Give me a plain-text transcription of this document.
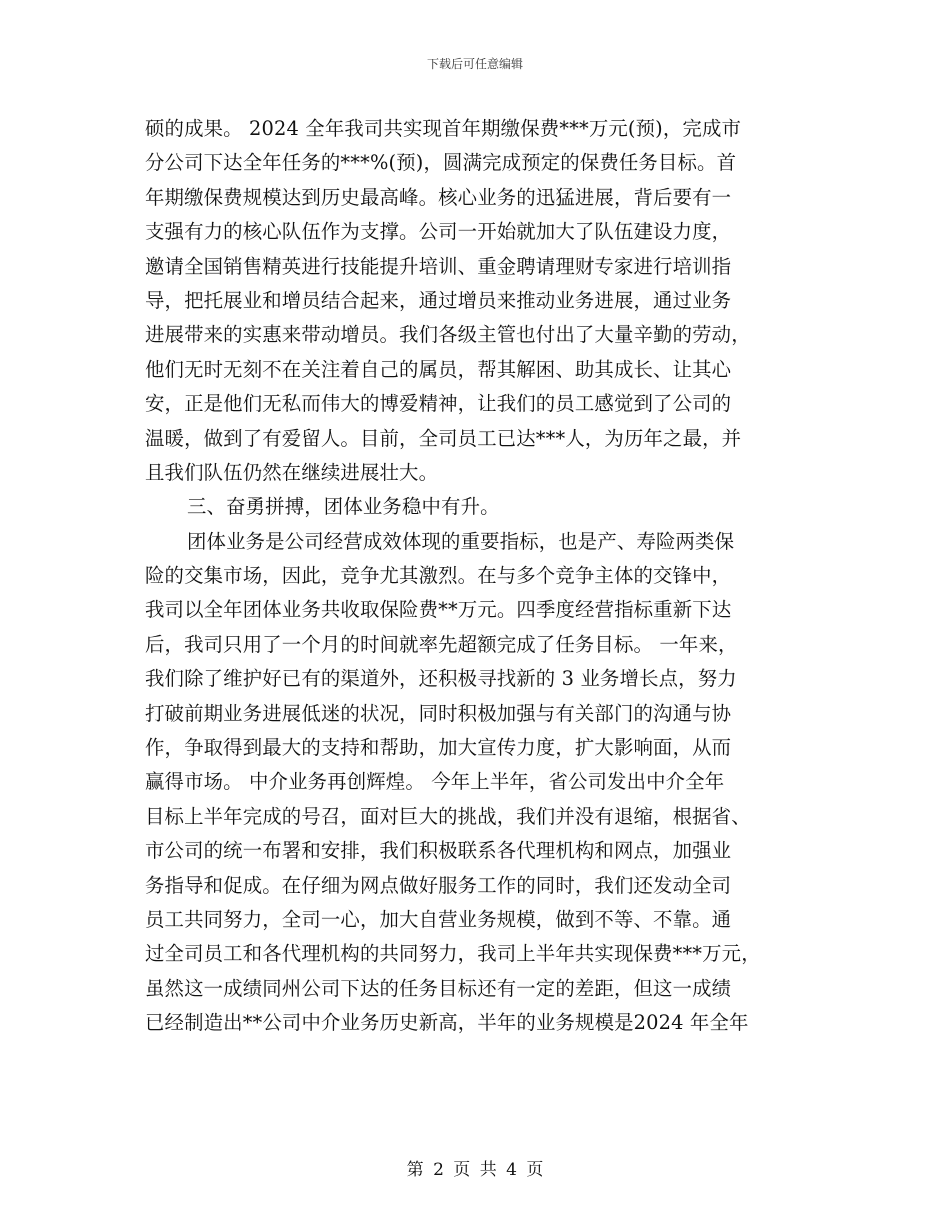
下载后可任意编辑
硕的成果。 2024 全年我司共实现首年期缴保费***万元(预)，完成市
分公司下达全年任务的***%(预)，圆满完成预定的保费任务目标。首
年期缴保费规模达到历史最高峰。核心业务的迅猛进展，背后要有一
支强有力的核心队伍作为支撑。公司一开始就加大了队伍建设力度，
邀请全国销售精英进行技能提升培训、重金聘请理财专家进行培训指
导，把托展业和增员结合起来，通过增员来推动业务进展，通过业务
进展带来的实惠来带动增员。我们各级主管也付出了大量辛勤的劳动，
他们无时无刻不在关注着自己的属员，帮其解困、助其成长、让其心
安，正是他们无私而伟大的博爱精神，让我们的员工感觉到了公司的
温暖，做到了有爱留人。目前，全司员工已达***人，为历年之最，并
且我们队伍仍然在继续进展壮大。
三、奋勇拼搏，团体业务稳中有升。
团体业务是公司经营成效体现的重要指标，也是产、寿险两类保
险的交集市场，因此，竞争尤其激烈。在与多个竞争主体的交锋中，
我司以全年团体业务共收取保险费**万元。四季度经营指标重新下达
后，我司只用了一个月的时间就率先超额完成了任务目标。 一年来，
我们除了维护好已有的渠道外，还积极寻找新的 3 业务增长点，努力
打破前期业务进展低迷的状况，同时积极加强与有关部门的沟通与协
作，争取得到最大的支持和帮助，加大宣传力度，扩大影响面，从而
赢得市场。 中介业务再创辉煌。 今年上半年，省公司发出中介全年
目标上半年完成的号召，面对巨大的挑战，我们并没有退缩，根据省、
市公司的统一布署和安排，我们积极联系各代理机构和网点，加强业
务指导和促成。在仔细为网点做好服务工作的同时，我们还发动全司
员工共同努力，全司一心，加大自营业务规模，做到不等、不靠。通
过全司员工和各代理机构的共同努力，我司上半年共实现保费***万元，
虽然这一成绩同州公司下达的任务目标还有一定的差距，但这一成绩
已经制造出**公司中介业务历史新高，半年的业务规模是2024 年全年
第 2 页 共 4 页
